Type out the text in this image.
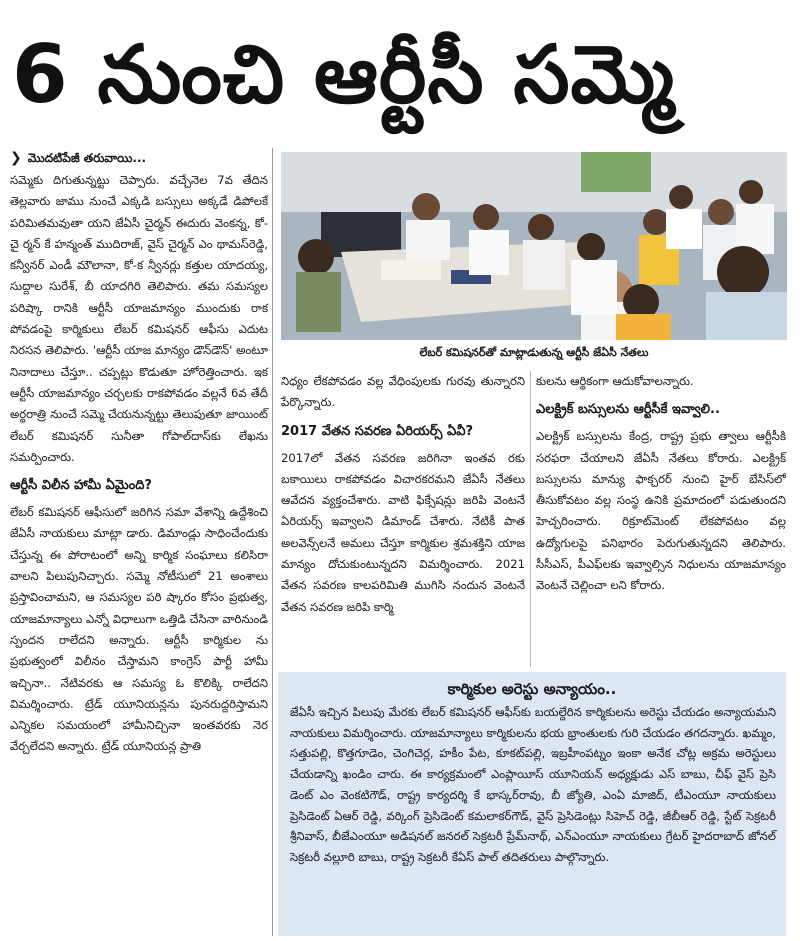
6 నుంచి ఆర్టీసీ సమ్మె
❯ మొదటిపేజీ తరువాయి...

సమ్మెకు దిగుతున్నట్టు చెప్పారు. వచ్చేనెల 7వ తేదిన తెల్లవారు జాము నుంచే ఎక్కడి బస్సులు అక్కడే డిపోలకే పరిమితమవుతా యని జేఏసీ చైర్మన్ ఈదురు వెంకన్న, కో-చై ర్మన్ కే హన్మంత్ ముదిరాజ్, వైస్ చైర్మన్ ఎం థామస్‌రెడ్డి, కన్వీనర్ ఎండీ మౌలానా, కో-క న్వీనర్లు కత్తుల యాదయ్య, సుద్దాల సురేశ్, బీ యాదగిరి తెలిపారు. తమ సమస్యల పరిష్కా రానికి ఆర్టీసీ యాజమాన్యం ముందుకు రాక పోవడంపై కార్మికులు లేబర్ కమిషనర్ ఆఫీసు ఎదుట నిరసన తెలిపారు. 'ఆర్టీసీ యాజ మాన్యం డౌన్‌డౌన్' అంటూ నినాదాలు చేస్తూ.. చప్పట్లు కొడుతూ హోరెత్తించారు. ఇక ఆర్టీసీ యాజమాన్యం చర్చలకు రాకపోవడం వల్లనే 6వ తేదీ అర్థరాత్రి నుంచే సమ్మె చేయనున్నట్టు తెలుపుతూ జాయింట్ లేబర్ కమిషనర్ సునీతా గోపాల్‌దాస్‌కు లేఖను సమర్పించారు.

ఆర్టీసీ విలీన హామీ ఏమైంది?

లేబర్ కమిషనర్ ఆఫీసులో జరిగిన సమా వేశాన్ని ఉద్దేశించి జేఏసీ నాయకులు మాట్లా డారు. డిమాండ్లు సాధించేందుకు చేస్తున్న ఈ పోరాటంలో అన్ని కార్మిక సంఘాలు కలిసిరా వాలని పిలుపునిచ్చారు. సమ్మె నోటీసులో 21 అంశాలు ప్రస్తావించామని, ఆ సమస్యల పరి ష్కారం కోసం ప్రభుత్వ, యాజమాన్యాలు ఎన్నో విధాలుగా ఒత్తిడి చేసినా వారినుండి స్పందన రాలేదని అన్నారు. ఆర్టీసీ కార్మికుల ను ప్రభుత్వంలో విలీనం చేస్తామని కాంగ్రెస్ పార్టీ హామీ ఇచ్చినా.. నేటివరకు ఆ సమస్య ఓ కొలిక్కి రాలేదని విమర్శించారు. ట్రేడ్ యూనియన్లను పునరుద్దరిస్తామని ఎన్నికల సమయంలో హామీనిచ్చినా ఇంతవరకు నెర వేర్చలేదని అన్నారు. ట్రేడ్ యూనియన్ల ప్రాతి

లేబర్ కమిషనర్‌తో మాట్లాడుతున్న ఆర్టీసీ జేఏసీ నేతలు

నిధ్యం లేకపోవడం వల్ల వేధింపులకు గురవు తున్నారని పేర్కొన్నారు.

2017 వేతన సవరణ ఏరియర్స్ ఏవీ?

2017లో వేతన సవరణ జరిగినా ఇంతవ రకు బకాయిలు రాకపోవడం విచారకరమని జేఏసీ నేతలు ఆవేదన వ్యక్తంచేశారు. వాటి ఫిక్సేషన్లు జరిపి వెంటనే ఏరియర్స్ ఇవ్వాలని డిమాండ్ చేశారు. నేటికీ పాత అలవెన్స్‌లనే అమలు చేస్తూ కార్మికుల శ్రమశక్తిని యాజ మాన్యం దోచుకుంటున్నదని విమర్శించారు. 2021 వేతన సవరణ కాలపరిమితి ముగిసి నందున వెంటనే వేతన సవరణ జరిపి కార్మి

కులను ఆర్థికంగా ఆదుకోవాలన్నారు.

ఎలక్ట్రిక్ బస్సులను ఆర్టీసీకే ఇవ్వాలి..

ఎలక్ట్రిక్ బస్సులను కేంద్ర, రాష్ట్ర ప్రభు త్వాలు ఆర్టీసీకి సరఫరా చేయాలని జేఏసీ నేతలు కోరారు. ఎలక్ట్రిక్ బస్సులను మాన్యు ఫాక్చరర్ నుంచి హైర్ బేసిస్‌లో తీసుకోవటం వల్ల సంస్థ ఉనికి ప్రమాదంలో పడుతుందని హెచ్చరించారు. రిక్రూట్‌మెంట్ లేకపోవటం వల్ల ఉద్యోగులపై పనిభారం పెరుగుతున్నదని తెలిపారు. సీసీఎస్, పీఎఫ్‌లకు ఇవ్వాల్సిన నిధులను యాజమాన్యం వెంటనే చెల్లించా లని కోరారు.

కార్మికుల అరెస్టు అన్యాయం..

జేఏసీ ఇచ్చిన పిలుపు మేరకు లేబర్ కమిషనర్ ఆఫీస్‌కు బయల్దేరిన కార్మికులను అరెస్టు చేయడం అన్యాయమని నాయకులు విమర్శించారు. యాజమాన్యాలు కార్మికులను భయ భ్రాంతులకు గురి చేయడం తగదన్నారు. ఖమ్మం, సత్తుపల్లి, కొత్తగూడెం, చెంగిచెర్ల, హకీం పేట, కూకట్‌పల్లి, ఇబ్రహీంపట్నం ఇంకా అనేక చోట్ల అక్రమ అరెస్టులు చేయడాన్ని ఖండిం చారు. ఈ కార్యక్రమంలో ఎంప్లాయీస్ యూనియన్ అధ్యక్షుడు ఎస్ బాబు, చీఫ్ వైస్ ప్రెసి డెంట్ ఎం వెంకటిగౌడ్, రాష్ట్ర కార్యదర్శి కే భాస్కర్‌రావు, బీ జ్యోతి, ఎంఏ మాజిద్, టీఎంయూ నాయకులు ప్రెసిడెంట్ ఏఆర్ రెడ్డి, వర్కింగ్ ప్రెసిడెంట్ కమలాకర్‌గౌడ్, వైస్ ప్రెసిడెంట్లు సిహెచ్ రెడ్డి, జీబీఆర్ రెడ్డి, స్టేట్ సెక్రటరీ శ్రీనివాస్, బీజేఎంయూ అడిషనల్ జనరల్ సెక్రటరీ ప్రేమ్‌నాథ్, ఎన్ఎంయూ నాయకులు గ్రేటర్ హైదరాబాద్ జోనల్ సెక్రటరీ వల్లూరి బాబు, రాష్ట్ర సెక్రటరీ కేఏస్ పాల్ తదితరులు పాల్గొన్నారు.
